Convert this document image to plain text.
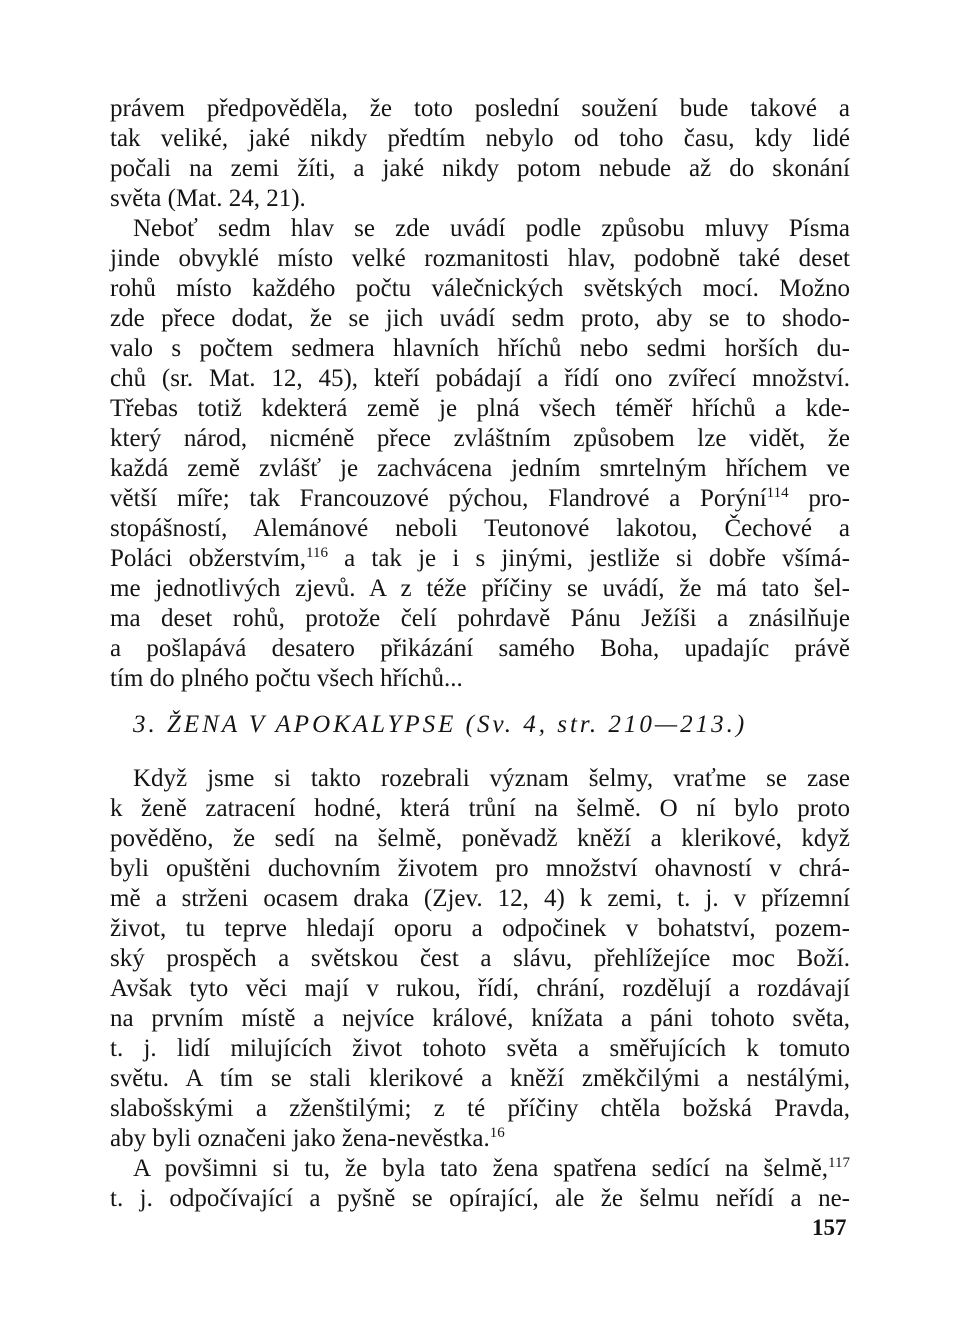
právem předpověděla, že toto poslední soužení bude takové a
tak veliké, jaké nikdy předtím nebylo od toho času, kdy lidé
počali na zemi žíti, a jaké nikdy potom nebude až do skonání
světa (Mat. 24, 21).
Neboť sedm hlav se zde uvádí podle způsobu mluvy Písma
jinde obvyklé místo velké rozmanitosti hlav, podobně také deset
rohů místo každého počtu válečnických světských mocí. Možno
zde přece dodat, že se jich uvádí sedm proto, aby se to shodo-
valo s počtem sedmera hlavních hříchů nebo sedmi horších du-
chů (sr. Mat. 12, 45), kteří pobádají a řídí ono zvířecí množství.
Třebas totiž kdekterá země je plná všech téměř hříchů a kde-
který národ, nicméně přece zvláštním způsobem lze vidět, že
každá země zvlášť je zachvácena jedním smrtelným hříchem ve
větší míře; tak Francouzové pýchou, Flandrové a Porýní$^{114}$ pro-
stopášností, Alemánové neboli Teutonové lakotou, Čechové a
Poláci obžerstvím,$^{116}$ a tak je i s jinými, jestliže si dobře všímá-
me jednotlivých zjevů. A z téže příčiny se uvádí, že má tato šel-
ma deset rohů, protože čelí pohrdavě Pánu Ježíši a znásilňuje
a pošlapává desatero přikázání samého Boha, upadajíc právě
tím do plného počtu všech hříchů...
3. ŽENA V APOKALYPSE (Sv. 4, str. 210—213.)
Když jsme si takto rozebrali význam šelmy, vraťme se zase
k ženě zatracení hodné, která trůní na šelmě. O ní bylo proto
pověděno, že sedí na šelmě, poněvadž kněží a klerikové, když
byli opuštěni duchovním životem pro množství ohavností v chrá-
mě a strženi ocasem draka (Zjev. 12, 4) k zemi, t. j. v přízemní
život, tu teprve hledají oporu a odpočinek v bohatství, pozem-
ský prospěch a světskou čest a slávu, přehlížejíce moc Boží.
Avšak tyto věci mají v rukou, řídí, chrání, rozdělují a rozdávají
na prvním místě a nejvíce králové, knížata a páni tohoto světa,
t. j. lidí milujících život tohoto světa a směřujících k tomuto
světu. A tím se stali klerikové a kněží změkčilými a nestálými,
slabošskými a zženštilými; z té příčiny chtěla božská Pravda,
aby byli označeni jako žena-nevěstka.$^{16}$
A povšimni si tu, že byla tato žena spatřena sedící na šelmě,$^{117}$
t. j. odpočívající a pyšně se opírající, ale že šelmu neřídí a ne-
157
